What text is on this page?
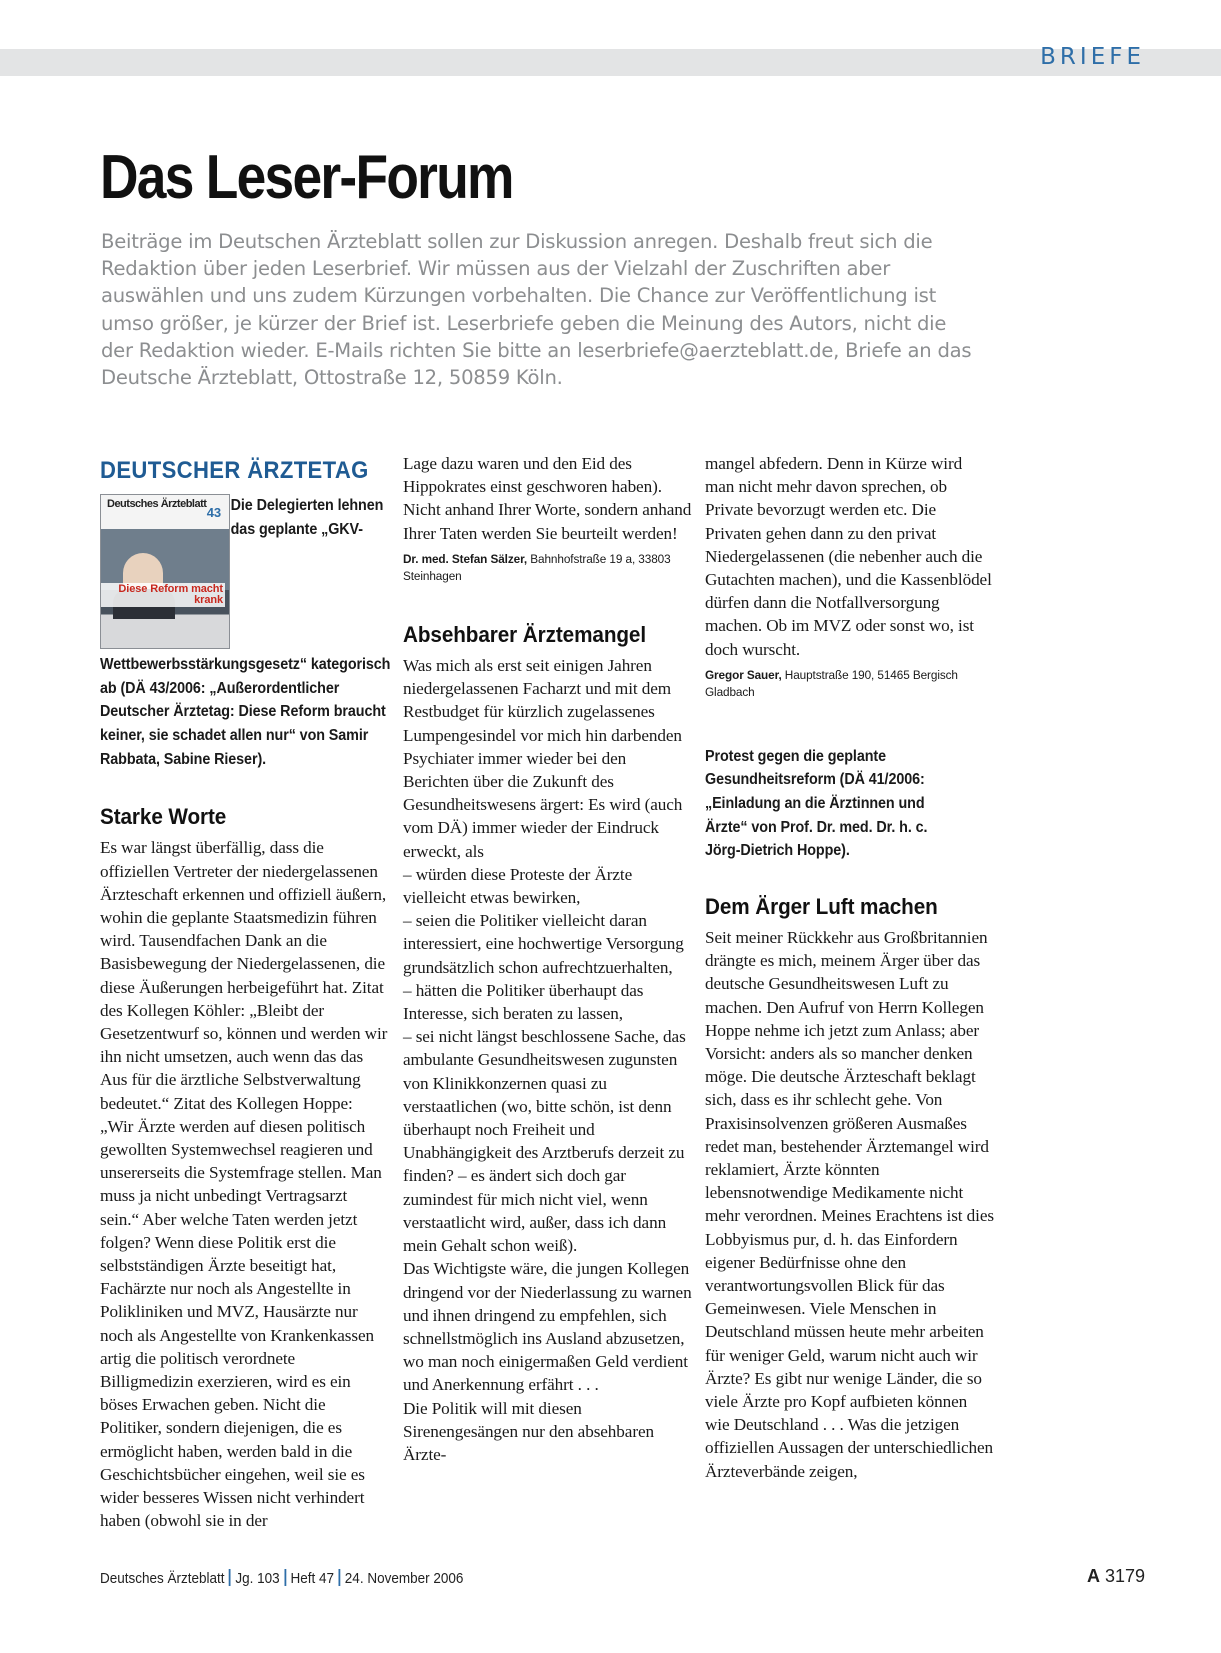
BRIEFE
Das Leser-Forum

Beiträge im Deutschen Ärzteblatt sollen zur Diskussion anregen. Deshalb freut sich die Redaktion über jeden Leserbrief. Wir müssen aus der Vielzahl der Zuschriften aber auswählen und uns zudem Kürzungen vorbehalten. Die Chance zur Veröffentlichung ist umso größer, je kürzer der Brief ist. Leserbriefe geben die Meinung des Autors, nicht die der Redaktion wieder. E-Mails richten Sie bitte an leserbriefe@aerzteblatt.de, Briefe an das Deutsche Ärzteblatt, Ottostraße 12, 50859 Köln.

DEUTSCHER ÄRZTETAG
Deutsches Ärzteblatt
43
Diese Reform macht krank

Die Delegierten lehnen das geplante „GKV-Wettbewerbsstärkungsgesetz“ kategorisch ab (DÄ 43/2006: „Außerordentlicher Deutscher Ärztetag: Diese Reform braucht keiner, sie schadet allen nur“ von Samir Rabbata, Sabine Rieser).

Starke Worte

Es war längst überfällig, dass die offiziellen Vertreter der niedergelassenen Ärzteschaft erkennen und offiziell äußern, wohin die geplante Staatsmedizin führen wird. Tausendfachen Dank an die Basisbewegung der Niedergelassenen, die diese Äußerungen herbeigeführt hat. Zitat des Kollegen Köhler: „Bleibt der Gesetzentwurf so, können und werden wir ihn nicht umsetzen, auch wenn das das Aus für die ärztliche Selbstverwaltung bedeutet.“ Zitat des Kollegen Hoppe: „Wir Ärzte werden auf diesen politisch gewollten Systemwechsel reagieren und unsererseits die Systemfrage stellen. Man muss ja nicht unbedingt Vertragsarzt sein.“ Aber welche Taten werden jetzt folgen? Wenn diese Politik erst die selbstständigen Ärzte beseitigt hat, Fachärzte nur noch als Angestellte in Polikliniken und MVZ, Hausärzte nur noch als Angestellte von Krankenkassen artig die politisch verordnete Billigmedizin exerzieren, wird es ein böses Erwachen geben. Nicht die Politiker, sondern diejenigen, die es ermöglicht haben, werden bald in die Geschichtsbücher eingehen, weil sie es wider besseres Wissen nicht verhindert haben (obwohl sie in der

Lage dazu waren und den Eid des Hippokrates einst geschworen haben). Nicht anhand Ihrer Worte, sondern anhand Ihrer Taten werden Sie beurteilt werden!

Dr. med. Stefan Sälzer, Bahnhofstraße 19 a, 33803 Steinhagen

Absehbarer Ärztemangel

Was mich als erst seit einigen Jahren niedergelassenen Facharzt und mit dem Restbudget für kürzlich zugelassenes Lumpengesindel vor mich hin darbenden Psychiater immer wieder bei den Berichten über die Zukunft des Gesundheitswesens ärgert: Es wird (auch vom DÄ) immer wieder der Eindruck erweckt, als

– würden diese Proteste der Ärzte vielleicht etwas bewirken,

– seien die Politiker vielleicht daran interessiert, eine hochwertige Versorgung grundsätzlich schon aufrechtzuerhalten,

– hätten die Politiker überhaupt das Interesse, sich beraten zu lassen,

– sei nicht längst beschlossene Sache, das ambulante Gesundheitswesen zugunsten von Klinikkonzernen quasi zu verstaatlichen (wo, bitte schön, ist denn überhaupt noch Freiheit und Unabhängigkeit des Arztberufs derzeit zu finden? – es ändert sich doch gar zumindest für mich nicht viel, wenn verstaatlicht wird, außer, dass ich dann mein Gehalt schon weiß).

Das Wichtigste wäre, die jungen Kollegen dringend vor der Niederlassung zu warnen und ihnen dringend zu empfehlen, sich schnellstmöglich ins Ausland abzusetzen, wo man noch einigermaßen Geld verdient und Anerkennung erfährt . . .

Die Politik will mit diesen Sirenengesängen nur den absehbaren Ärzte-

mangel abfedern. Denn in Kürze wird man nicht mehr davon sprechen, ob Private bevorzugt werden etc. Die Privaten gehen dann zu den privat Niedergelassenen (die nebenher auch die Gutachten machen), und die Kassenblödel dürfen dann die Notfallversorgung machen. Ob im MVZ oder sonst wo, ist doch wurscht.

Gregor Sauer, Hauptstraße 190, 51465 Bergisch Gladbach

Protest gegen die geplante Gesundheitsreform (DÄ 41/2006: „Einladung an die Ärztinnen und Ärzte“ von Prof. Dr. med. Dr. h. c. Jörg-Dietrich Hoppe).

Dem Ärger Luft machen

Seit meiner Rückkehr aus Großbritannien drängte es mich, meinem Ärger über das deutsche Gesundheitswesen Luft zu machen. Den Aufruf von Herrn Kollegen Hoppe nehme ich jetzt zum Anlass; aber Vorsicht: anders als so mancher denken möge. Die deutsche Ärzteschaft beklagt sich, dass es ihr schlecht gehe. Von Praxisinsolvenzen größeren Ausmaßes redet man, bestehender Ärztemangel wird reklamiert, Ärzte könnten lebensnotwendige Medikamente nicht mehr verordnen. Meines Erachtens ist dies Lobbyismus pur, d. h. das Einfordern eigener Bedürfnisse ohne den verantwortungsvollen Blick für das Gemeinwesen. Viele Menschen in Deutschland müssen heute mehr arbeiten für weniger Geld, warum nicht auch wir Ärzte? Es gibt nur wenige Länder, die so viele Ärzte pro Kopf aufbieten können wie Deutschland . . . Was die jetzigen offiziellen Aussagen der unterschiedlichen Ärzteverbände zeigen,

Deutsches Ärzteblatt Jg. 103 Heft 47 24. November 2006	A 3179
